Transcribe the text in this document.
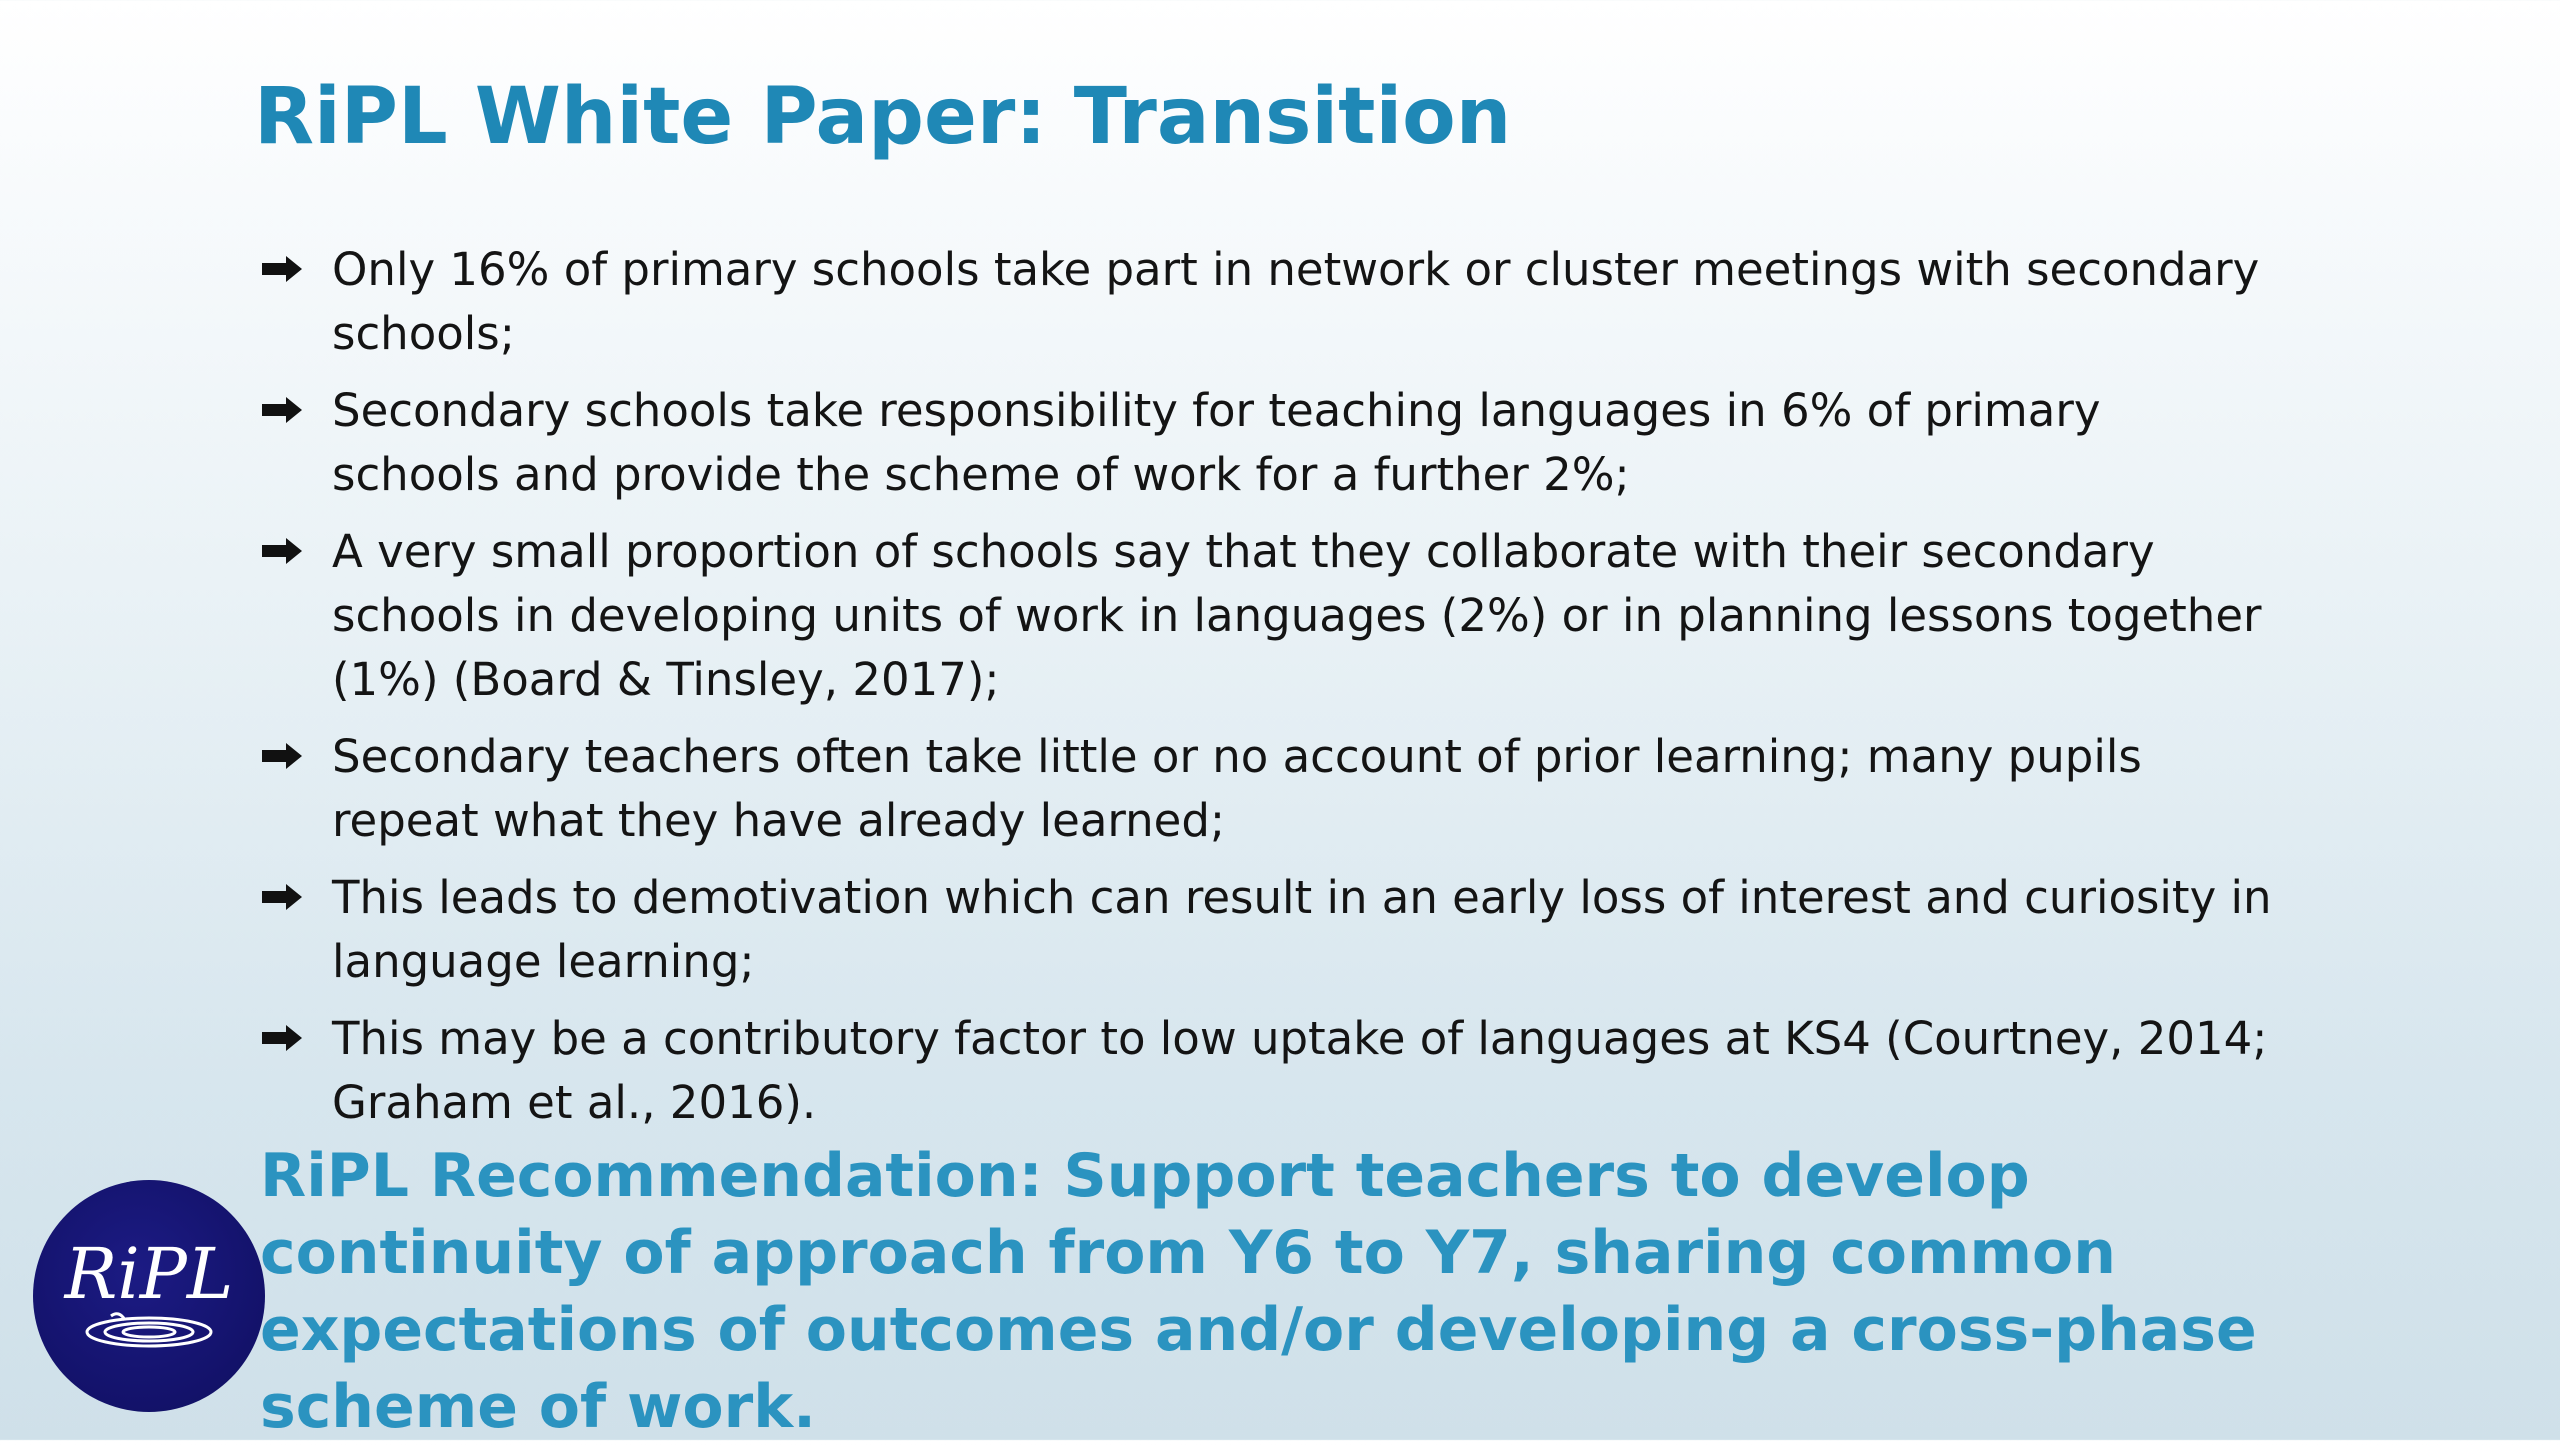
RiPL White Paper: Transition
Only 16% of primary schools take part in network or cluster meetings with secondary schools;
Secondary schools take responsibility for teaching languages in 6% of primary schools and provide the scheme of work for a further 2%;
A very small proportion of schools say that they collaborate with their secondary schools in developing units of work in languages (2%) or in planning lessons together (1%) (Board & Tinsley, 2017);
Secondary teachers often take little or no account of prior learning; many pupils repeat what they have already learned;
This leads to demotivation which can result in an early loss of interest and curiosity in language learning;
This may be a contributory factor to low uptake of languages at KS4 (Courtney, 2014; Graham et al., 2016).
RiPL

RiPL Recommendation: Support teachers to develop continuity of approach from Y6 to Y7, sharing common expectations of outcomes and/or developing a cross-phase scheme of work.
